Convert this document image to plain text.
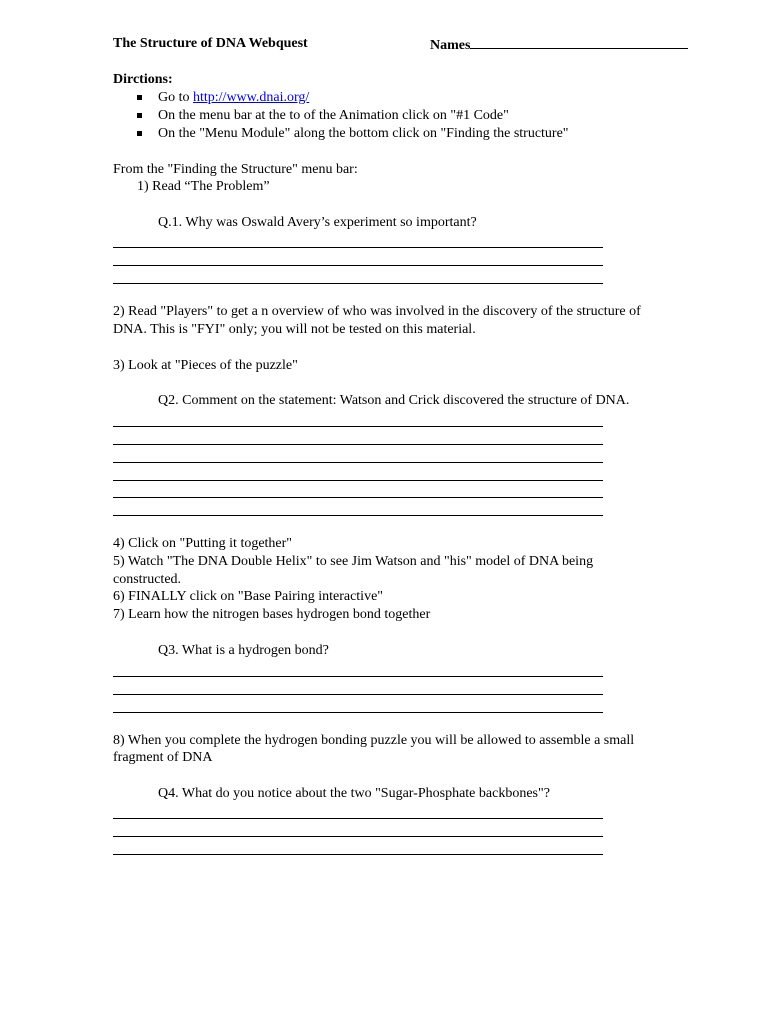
The Structure of DNA Webquest	Names
Dirctions:
Go to http://www.dnai.org/
On the menu bar at the to of the Animation click on "#1 Code"
On the "Menu Module" along the bottom click on "Finding the structure"
From the "Finding the Structure" menu bar:
1) Read “The Problem”
Q.1. Why was Oswald Avery’s experiment so important?
2) Read "Players" to get a n overview of who was involved in the discovery of the structure of
DNA. This is "FYI" only; you will not be tested on this material.
3) Look at "Pieces of the puzzle"
Q2. Comment on the statement: Watson and Crick discovered the structure of DNA.
4) Click on "Putting it together"
5) Watch "The DNA Double Helix" to see Jim Watson and "his" model of DNA being
constructed.
6) FINALLY click on "Base Pairing interactive"
7) Learn how the nitrogen bases hydrogen bond together
Q3. What is a hydrogen bond?
8) When you complete the hydrogen bonding puzzle you will be allowed to assemble a small
fragment of DNA
Q4. What do you notice about the two "Sugar-Phosphate backbones"?
